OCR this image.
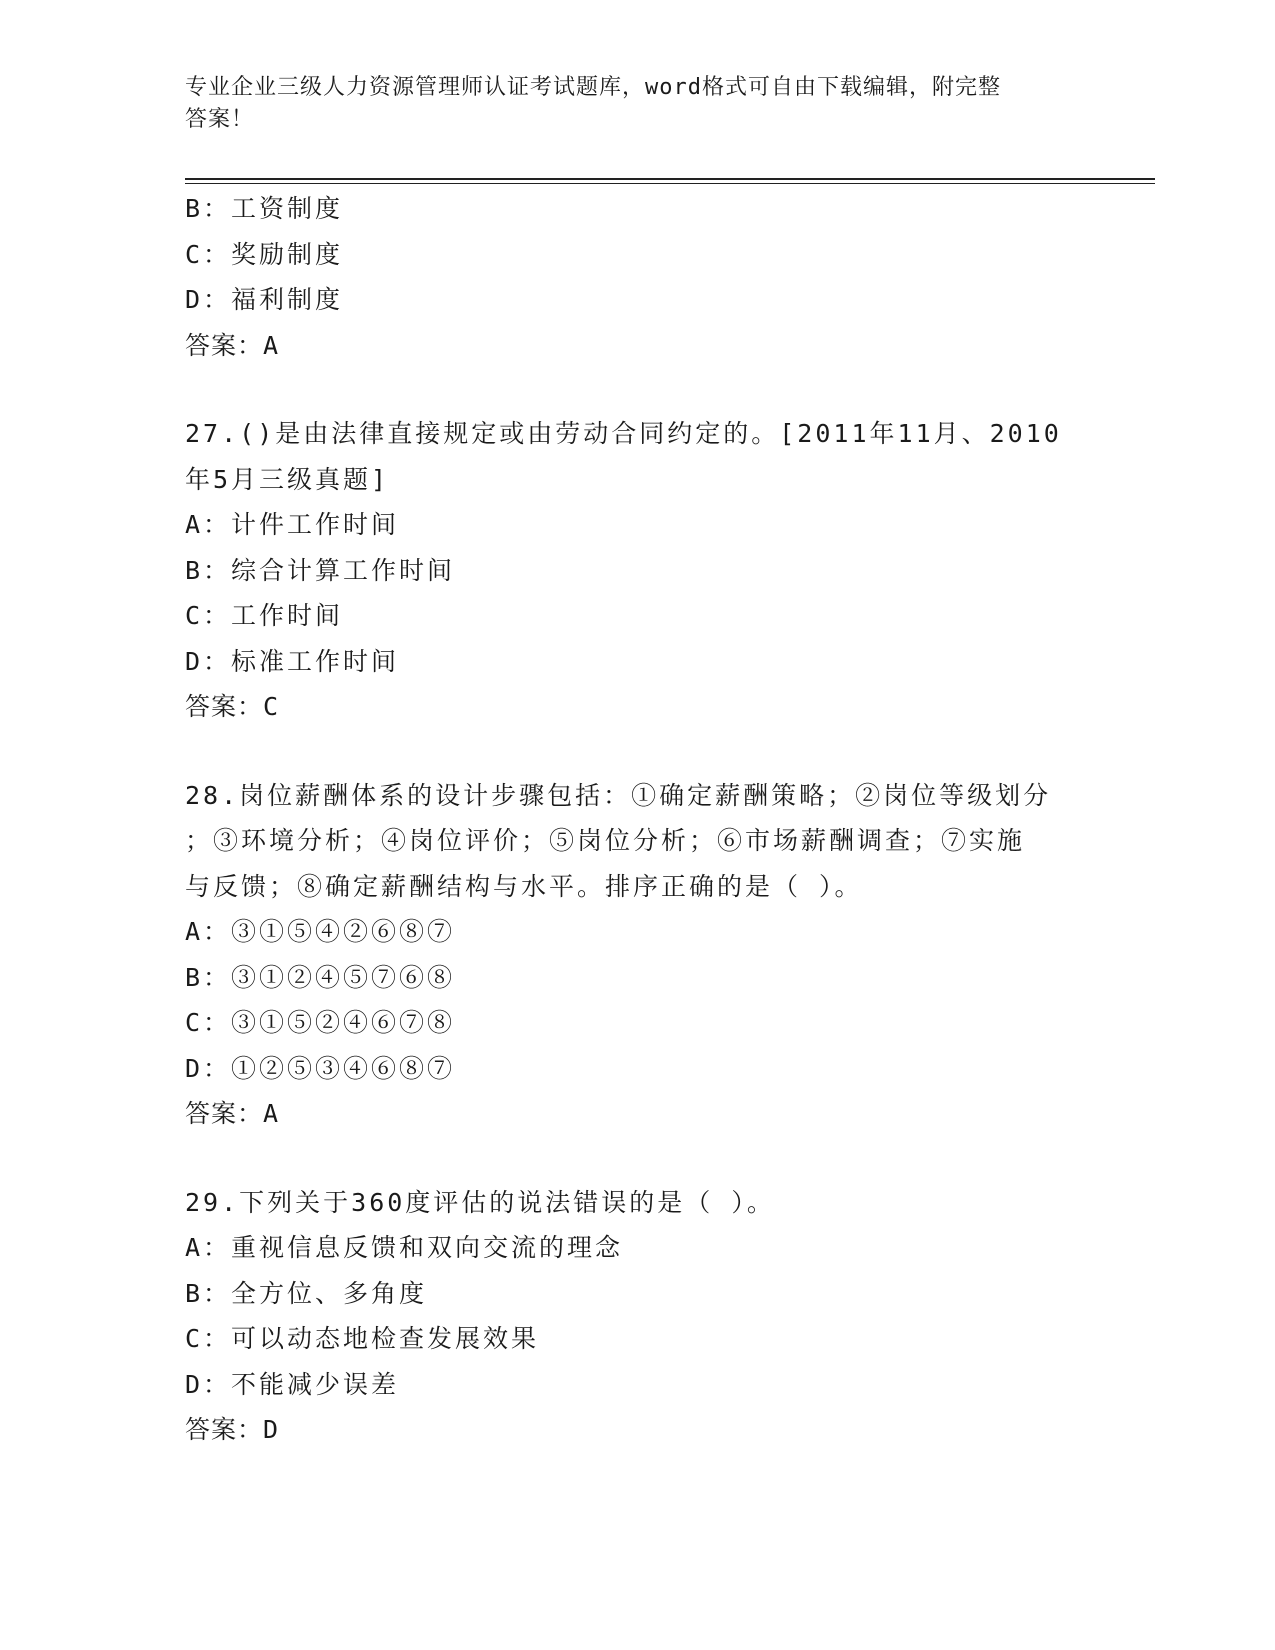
专业企业三级人力资源管理师认证考试题库，word格式可自由下载编辑，附完整
答案！
B：工资制度
C：奖励制度
D：福利制度
答案：A
27.()是由法律直接规定或由劳动合同约定的。[2011年11月、2010
年5月三级真题]
A：计件工作时间
B：综合计算工作时间
C：工作时间
D：标准工作时间
答案：C
28.岗位薪酬体系的设计步骤包括：①确定薪酬策略；②岗位等级划分
；③环境分析；④岗位评价；⑤岗位分析；⑥市场薪酬调查；⑦实施
与反馈；⑧确定薪酬结构与水平。排序正确的是（ ）。
A：③①⑤④②⑥⑧⑦
B：③①②④⑤⑦⑥⑧
C：③①⑤②④⑥⑦⑧
D：①②⑤③④⑥⑧⑦
答案：A
29.下列关于360度评估的说法错误的是（ ）。
A：重视信息反馈和双向交流的理念
B：全方位、多角度
C：可以动态地检查发展效果
D：不能减少误差
答案：D
